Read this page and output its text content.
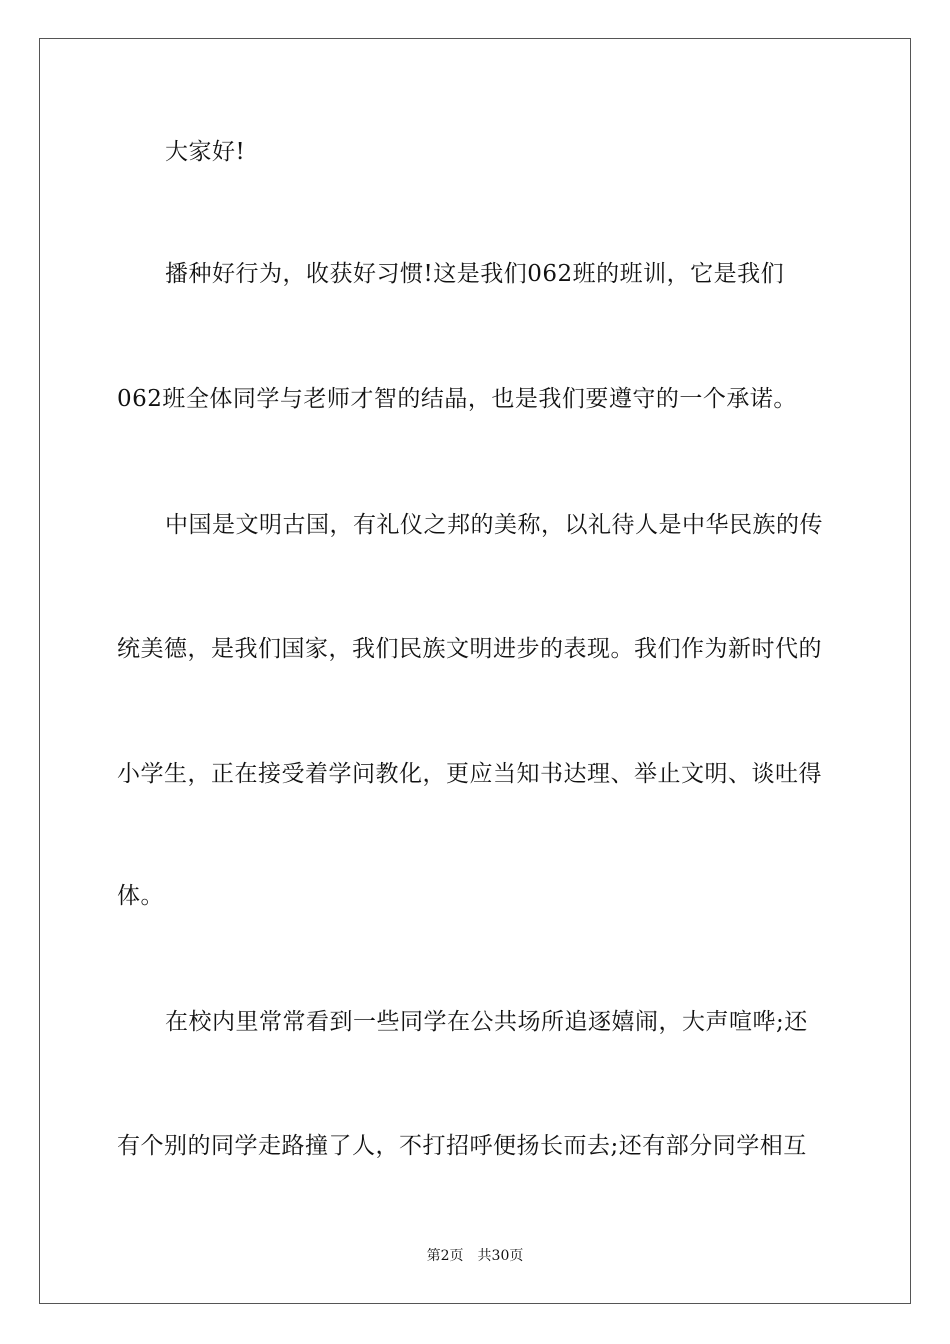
大家好!
播种好行为，收获好习惯!这是我们062班的班训，它是我们
062班全体同学与老师才智的结晶，也是我们要遵守的一个承诺。
中国是文明古国，有礼仪之邦的美称，以礼待人是中华民族的传
统美德，是我们国家，我们民族文明进步的表现。我们作为新时代的
小学生，正在接受着学问教化，更应当知书达理、举止文明、谈吐得
体。
在校内里常常看到一些同学在公共场所追逐嬉闹，大声喧哗;还
有个别的同学走路撞了人，不打招呼便扬长而去;还有部分同学相互
第2页 共30页
